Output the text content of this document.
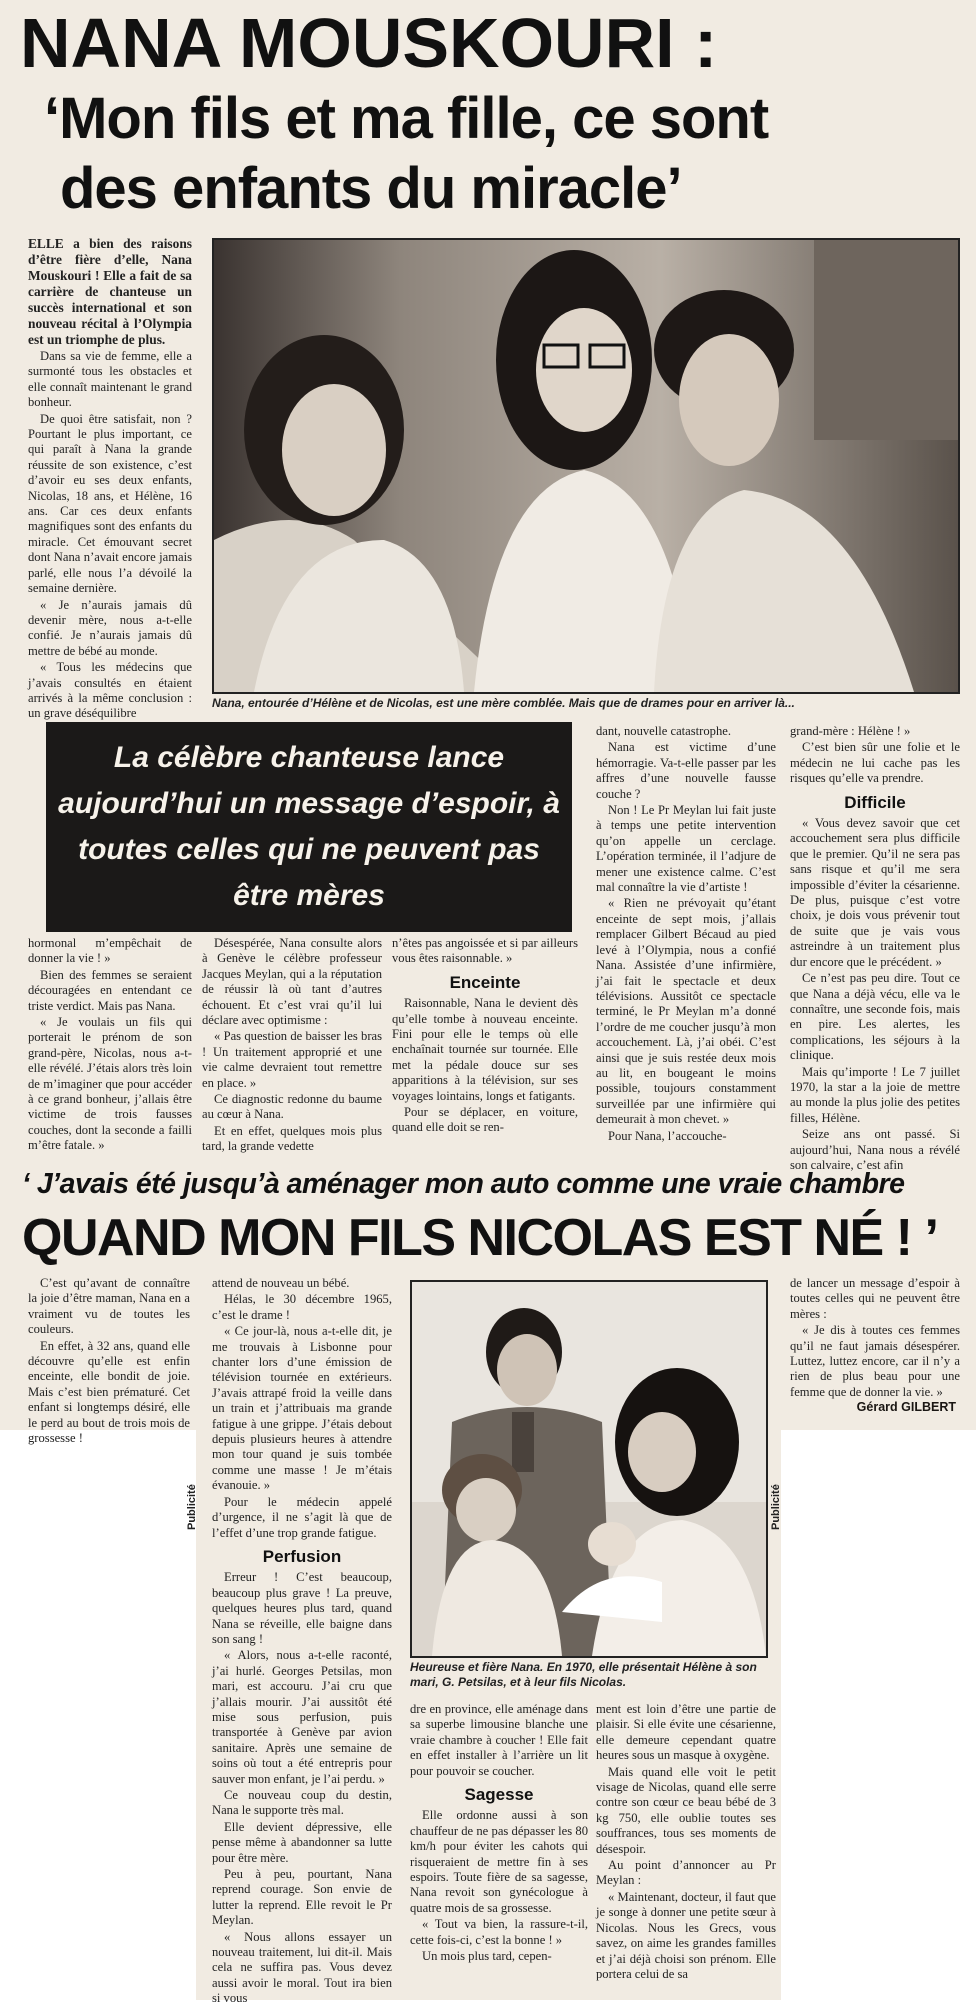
NANA MOUSKOURI :
‘Mon fils et ma fille, ce sont
des enfants du miracle’

ELLE a bien des raisons d’être fière d’elle, Nana Mouskouri ! Elle a fait de sa carrière de chanteuse un succès international et son nouveau récital à l’Olympia est un triomphe de plus.

Dans sa vie de femme, elle a surmonté tous les obstacles et elle connaît maintenant le grand bonheur.

De quoi être satisfait, non ? Pourtant le plus important, ce qui paraît à Nana la grande réussite de son existence, c’est d’avoir eu ses deux enfants, Nicolas, 18 ans, et Hélène, 16 ans. Car ces deux enfants magnifiques sont des enfants du miracle. Cet émouvant secret dont Nana n’avait encore jamais parlé, elle nous l’a dévoilé la semaine dernière.

« Je n’aurais jamais dû devenir mère, nous a-t-elle confié. Je n’aurais jamais dû mettre de bébé au monde.

« Tous les médecins que j’avais consultés en étaient arrivés à la même conclusion : un grave déséquilibre

Nana, entourée d’Hélène et de Nicolas, est une mère comblée. Mais que de drames pour en arriver là...
La célèbre chanteuse lance aujourd’hui un message d’espoir, à toutes celles qui ne peuvent pas être mères

hormonal m’empêchait de donner la vie ! »

Bien des femmes se seraient découragées en entendant ce triste verdict. Mais pas Nana.

« Je voulais un fils qui porterait le prénom de son grand-père, Nicolas, nous a-t-elle révélé. J’étais alors très loin de m’imaginer que pour accéder à ce grand bonheur, j’allais être victime de trois fausses couches, dont la seconde a failli m’être fatale. »

Désespérée, Nana consulte alors à Genève le célèbre professeur Jacques Meylan, qui a la réputation de réussir là où tant d’autres échouent. Et c’est vrai qu’il lui déclare avec optimisme :

« Pas question de baisser les bras ! Un traitement approprié et une vie calme devraient tout remettre en place. »

Ce diagnostic redonne du baume au cœur à Nana.

Et en effet, quelques mois plus tard, la grande vedette

n’êtes pas angoissée et si par ailleurs vous êtes raisonnable. »

Enceinte

Raisonnable, Nana le devient dès qu’elle tombe à nouveau enceinte. Fini pour elle le temps où elle enchaînait tournée sur tournée. Elle met la pédale douce sur ses apparitions à la télévision, sur ses voyages lointains, longs et fatigants.

Pour se déplacer, en voiture, quand elle doit se ren-

dant, nouvelle catastrophe.

Nana est victime d’une hémorragie. Va-t-elle passer par les affres d’une nouvelle fausse couche ?

Non ! Le Pr Meylan lui fait juste à temps une petite intervention qu’on appelle un cerclage. L’opération terminée, il l’adjure de mener une existence calme. C’est mal connaître la vie d’artiste !

« Rien ne prévoyait qu’étant enceinte de sept mois, j’allais remplacer Gilbert Bécaud au pied levé à l’Olympia, nous a confié Nana. Assistée d’une infirmière, j’ai fait le spectacle et deux télévisions. Aussitôt ce spectacle terminé, le Pr Meylan m’a donné l’ordre de me coucher jusqu’à mon accouchement. Là, j’ai obéi. C’est ainsi que je suis restée deux mois au lit, en bougeant le moins possible, toujours constamment surveillée par une infirmière qui demeurait à mon chevet. »

Pour Nana, l’accouche-

grand-mère : Hélène ! »

C’est bien sûr une folie et le médecin ne lui cache pas les risques qu’elle va prendre.

Difficile

« Vous devez savoir que cet accouchement sera plus difficile que le premier. Qu’il ne sera pas sans risque et qu’il me sera impossible d’éviter la césarienne. De plus, puisque c’est votre choix, je dois vous prévenir tout de suite que je vais vous astreindre à un traitement plus dur encore que le précédent. »

Ce n’est pas peu dire. Tout ce que Nana a déjà vécu, elle va le connaître, une seconde fois, mais en pire. Les alertes, les complications, les séjours à la clinique.

Mais qu’importe ! Le 7 juillet 1970, la star a la joie de mettre au monde la plus jolie des petites filles, Hélène.

Seize ans ont passé. Si aujourd’hui, Nana nous a révélé son calvaire, c’est afin

‘ J’avais été jusqu’à aménager mon auto comme une vraie chambre
QUAND MON FILS NICOLAS EST NÉ ! ’

C’est qu’avant de connaître la joie d’être maman, Nana en a vraiment vu de toutes les couleurs.

En effet, à 32 ans, quand elle découvre qu’elle est enfin enceinte, elle bondit de joie. Mais c’est bien prématuré. Cet enfant si longtemps désiré, elle le perd au bout de trois mois de grossesse !

attend de nouveau un bébé.

Hélas, le 30 décembre 1965, c’est le drame !

« Ce jour-là, nous a-t-elle dit, je me trouvais à Lisbonne pour chanter lors d’une émission de télévision tournée en extérieurs. J’avais attrapé froid la veille dans un train et j’attribuais ma grande fatigue à une grippe. J’étais debout depuis plusieurs heures à attendre mon tour quand je suis tombée comme une masse ! Je m’étais évanouie. »

Pour le médecin appelé d’urgence, il ne s’agit là que de l’effet d’une trop grande fatigue.

Perfusion

Erreur ! C’est beaucoup, beaucoup plus grave ! La preuve, quelques heures plus tard, quand Nana se réveille, elle baigne dans son sang !

« Alors, nous a-t-elle raconté, j’ai hurlé. Georges Petsilas, mon mari, est accouru. J’ai cru que j’allais mourir. J’ai aussitôt été mise sous perfusion, puis transportée à Genève par avion sanitaire. Après une semaine de soins où tout a été entrepris pour sauver mon enfant, je l’ai perdu. »

Ce nouveau coup du destin, Nana le supporte très mal.

Elle devient dépressive, elle pense même à abandonner sa lutte pour être mère.

Peu à peu, pourtant, Nana reprend courage. Son envie de lutter la reprend. Elle revoit le Pr Meylan.

« Nous allons essayer un nouveau traitement, lui dit-il. Mais cela ne suffira pas. Vous devez aussi avoir le moral. Tout ira bien si vous

Heureuse et fière Nana. En 1970, elle présentait Hélène à son mari, G. Petsilas, et à leur fils Nicolas.

dre en province, elle aménage dans sa superbe limousine blanche une vraie chambre à coucher ! Elle fait en effet installer à l’arrière un lit pour pouvoir se coucher.

Sagesse

Elle ordonne aussi à son chauffeur de ne pas dépasser les 80 km/h pour éviter les cahots qui risqueraient de mettre fin à ses espoirs. Toute fière de sa sagesse, Nana revoit son gynécologue à quatre mois de sa grossesse.

« Tout va bien, la rassure-t-il, cette fois-ci, c’est la bonne ! »

Un mois plus tard, cepen-

ment est loin d’être une partie de plaisir. Si elle évite une césarienne, elle demeure cependant quatre heures sous un masque à oxygène.

Mais quand elle voit le petit visage de Nicolas, quand elle serre contre son cœur ce beau bébé de 3 kg 750, elle oublie toutes ses souffrances, tous ses moments de désespoir.

Au point d’annoncer au Pr Meylan :

« Maintenant, docteur, il faut que je songe à donner une petite sœur à Nicolas. Nous les Grecs, vous savez, on aime les grandes familles et j’ai déjà choisi son prénom. Elle portera celui de sa

de lancer un message d’espoir à toutes celles qui ne peuvent être mères :

« Je dis à toutes ces femmes qu’il ne faut jamais désespérer. Luttez, luttez encore, car il n’y a rien de plus beau pour une femme que de donner la vie. »

Gérard GILBERT
Publicité	Publicité
